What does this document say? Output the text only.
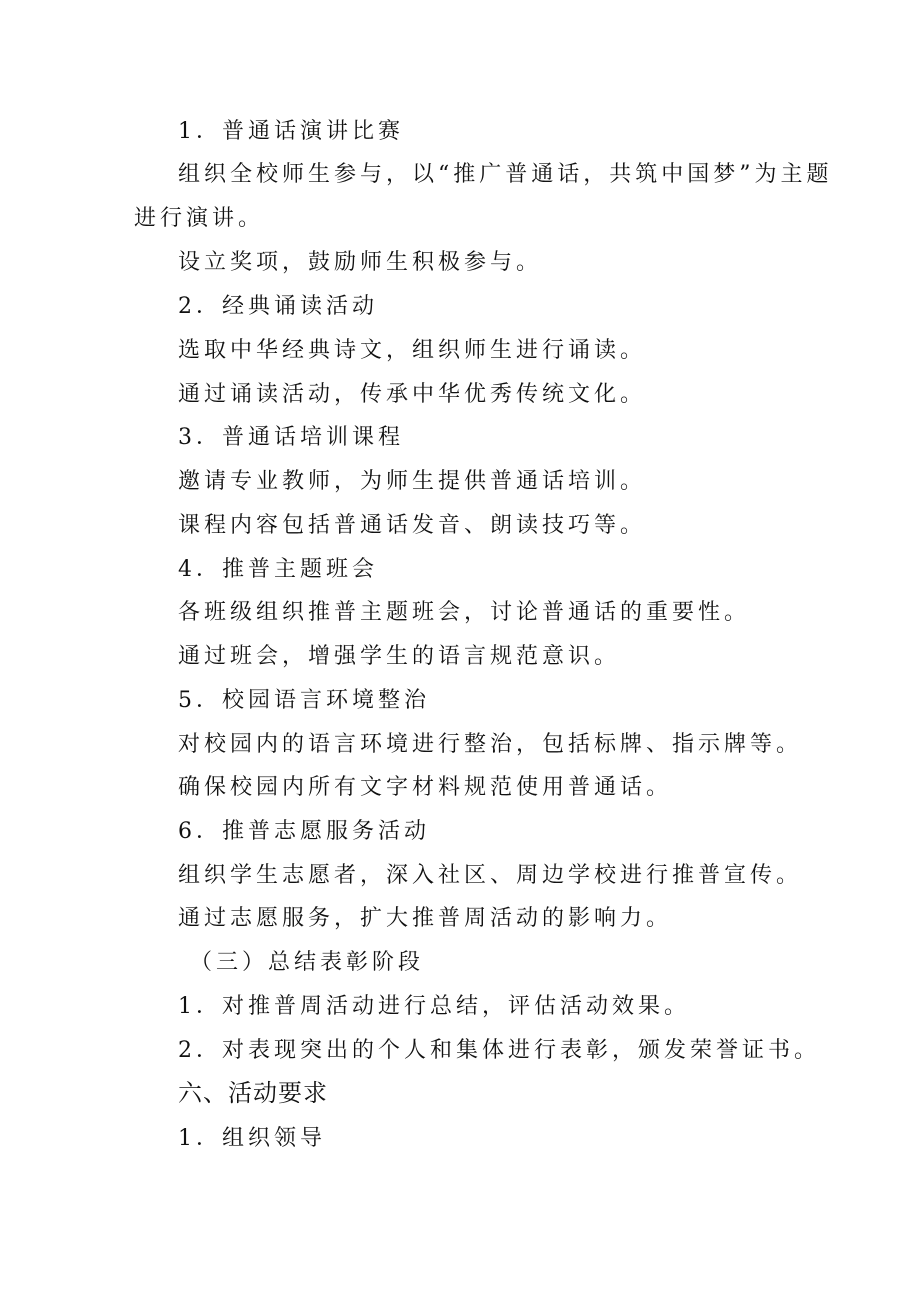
1．普通话演讲比赛
组织全校师生参与，以“推广普通话，共筑中国梦”为主题
进行演讲。
设立奖项，鼓励师生积极参与。
2．经典诵读活动
选取中华经典诗文，组织师生进行诵读。
通过诵读活动，传承中华优秀传统文化。
3．普通话培训课程
邀请专业教师，为师生提供普通话培训。
课程内容包括普通话发音、朗读技巧等。
4．推普主题班会
各班级组织推普主题班会，讨论普通话的重要性。
通过班会，增强学生的语言规范意识。
5．校园语言环境整治
对校园内的语言环境进行整治，包括标牌、指示牌等。
确保校园内所有文字材料规范使用普通话。
6．推普志愿服务活动
组织学生志愿者，深入社区、周边学校进行推普宣传。
通过志愿服务，扩大推普周活动的影响力。
（三）总结表彰阶段
1．对推普周活动进行总结，评估活动效果。
2．对表现突出的个人和集体进行表彰，颁发荣誉证书。
六、活动要求
1．组织领导
